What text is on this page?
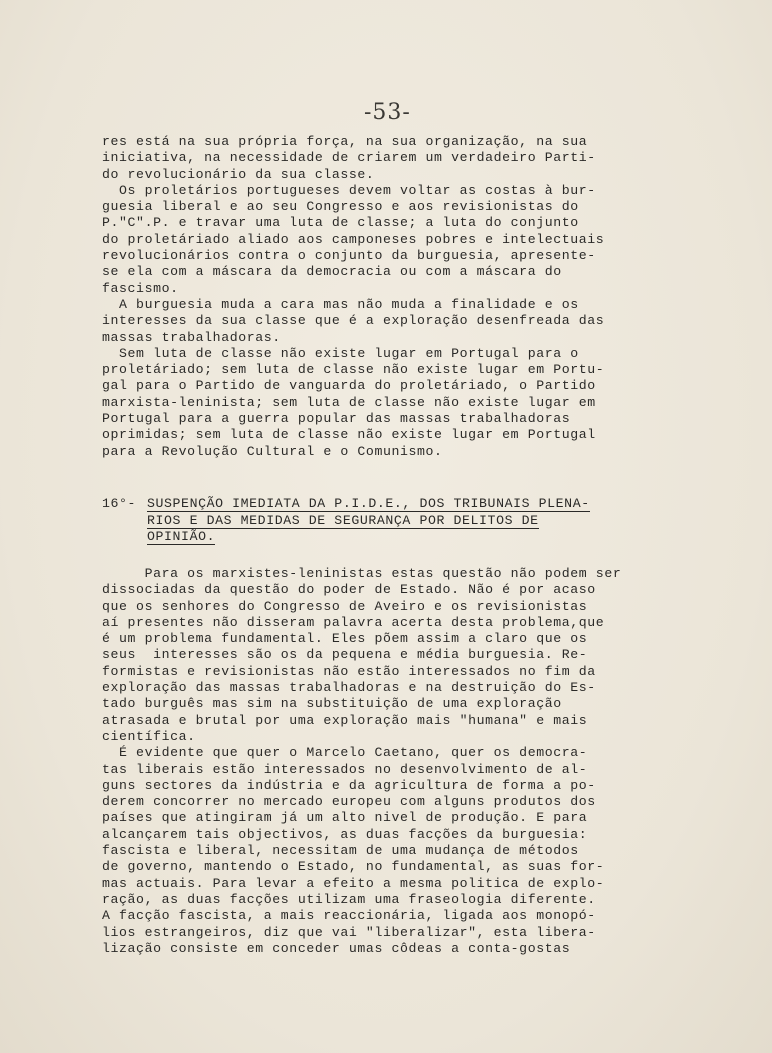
-53-
res está na sua própria força, na sua organização, na sua
iniciativa, na necessidade de criarem um verdadeiro Parti-
do revolucionário da sua classe.
Os proletários portugueses devem voltar as costas à bur-
guesia liberal e ao seu Congresso e aos revisionistas do
P."C".P. e travar uma luta de classe; a luta do conjunto
do proletáriado aliado aos camponeses pobres e intelectuais
revolucionários contra o conjunto da burguesia, apresente-
se ela com a máscara da democracia ou com a máscara do
fascismo.
A burguesia muda a cara mas não muda a finalidade e os
interesses da sua classe que é a exploração desenfreada das
massas trabalhadoras.
Sem luta de classe não existe lugar em Portugal para o
proletáriado; sem luta de classe não existe lugar em Portu-
gal para o Partido de vanguarda do proletáriado, o Partido
marxista-leninista; sem luta de classe não existe lugar em
Portugal para a guerra popular das massas trabalhadoras
oprimidas; sem luta de classe não existe lugar em Portugal
para a Revolução Cultural e o Comunismo.
16°- SUSPENÇÃO IMEDIATA DA P.I.D.E., DOS TRIBUNAIS PLENA-
RIOS E DAS MEDIDAS DE SEGURANÇA POR DELITOS DE
OPINIÃO.
Para os marxistes-leninistas estas questão não podem ser
dissociadas da questão do poder de Estado. Não é por acaso
que os senhores do Congresso de Aveiro e os revisionistas
aí presentes não disseram palavra acerta desta problema,que
é um problema fundamental. Eles põem assim a claro que os
seus  interesses são os da pequena e média burguesia. Re-
formistas e revisionistas não estão interessados no fim da
exploração das massas trabalhadoras e na destruição do Es-
tado burguês mas sim na substituição de uma exploração
atrasada e brutal por uma exploração mais "humana" e mais
científica.
É evidente que quer o Marcelo Caetano, quer os democra-
tas liberais estão interessados no desenvolvimento de al-
guns sectores da indústria e da agricultura de forma a po-
derem concorrer no mercado europeu com alguns produtos dos
países que atingiram já um alto nivel de produção. E para
alcançarem tais objectivos, as duas facções da burguesia:
fascista e liberal, necessitam de uma mudança de métodos
de governo, mantendo o Estado, no fundamental, as suas for-
mas actuais. Para levar a efeito a mesma politica de explo-
ração, as duas facções utilizam uma fraseologia diferente.
A facção fascista, a mais reaccionária, ligada aos monopó-
lios estrangeiros, diz que vai "liberalizar", esta libera-
lização consiste em conceder umas côdeas a conta-gostas
